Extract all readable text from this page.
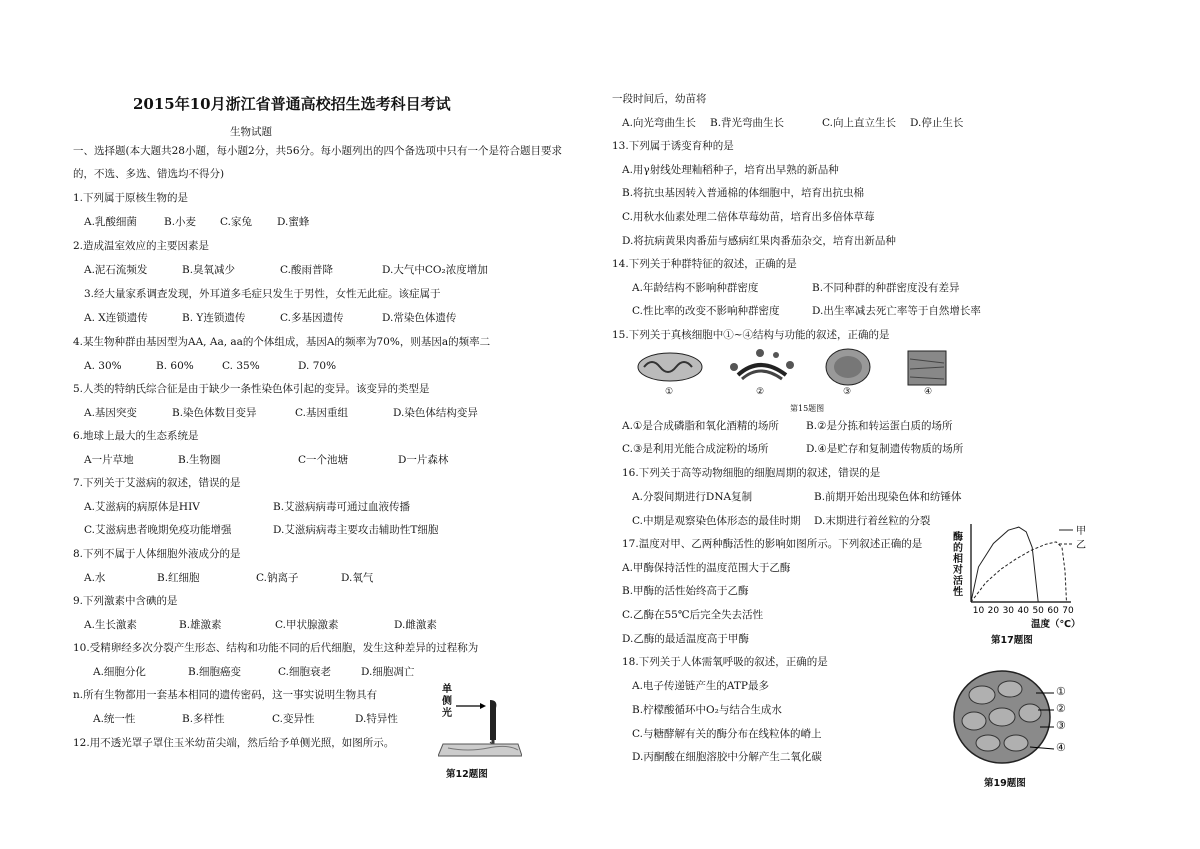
2015年10月浙江省普通高校招生选考科目考试
生物试题
一、选择题(本大题共28小题，每小题2分，共56分。每小题列出的四个备选项中只有一个是符合题目要求
的，不选、多选、错选均不得分)
1.下列属于原核生物的是
A.乳酸细菌	B.小麦 C.家兔 D.蜜蜂
2.造成温室效应的主要因素是
A.泥石流频发	B.臭氧减少	C.酸雨普降	D.大气中CO₂浓度增加
3.经大量家系调查发现，外耳道多毛症只发生于男性，女性无此症。该症属于
A. X连锁遗传	B. Y连锁遗传	C.多基因遗传	D.常染色体遗传
4.某生物种群由基因型为AA, Aa, aa的个体组成，基因A的频率为70%，则基因a的频率二
A. 30%	B. 60%	C. 35%	D. 70%
5.人类的特纳氏综合征是由于缺少一条性染色体引起的变异。该变异的类型是
A.基因突变	B.染色体数目变异	C.基因重组	D.染色体结构变异
6.地球上最大的生态系统是
A一片草地	B.生物圈	C一个池塘	D一片森林
7.下列关于艾滋病的叙述，错误的是
A.艾滋病的病原体是HIV	B.艾滋病病毒可通过血液传播
C.艾滋病患者晚期免疫功能增强	D.艾滋病病毒主要攻击辅助性T细胞
8.下列不属于人体细胞外液成分的是
A.水	B.红细胞	C.钠离子	D.氧气
9.下列激素中含碘的是
A.生长激素	B.雄激素	C.甲状腺激素	D.雌激素
10.受精卵经多次分裂产生形态、结构和功能不同的后代细胞，发生这种差异的过程称为
A.细胞分化	B.细胞癌变	C.细胞衰老	D.细胞凋亡
n.所有生物都用一套基本相同的遗传密码，这一事实说明生物具有
A.统一性	B.多样性	C.变异性	D.特异性
12.用不透光罩子罩住玉米幼苗尖端，然后给予单侧光照，如图所示。
单侧光
第12题图
一段时间后，幼苗将
A.向光弯曲生长 B.背光弯曲生长	C.向上直立生长 D.停止生长
13.下列属于诱变育种的是
A.用γ射线处理籼稻种子，培育出早熟的新品种
B.将抗虫基因转入普通棉的体细胞中，培育出抗虫棉
C.用秋水仙素处理二倍体草莓幼苗，培育出多倍体草莓
D.将抗病黄果肉番茄与感病红果肉番茄杂交，培育出新品种
14.下列关于种群特征的叙述，正确的是
A.年龄结构不影响种群密度	B.不同种群的种群密度没有差异
C.性比率的改变不影响种群密度	D.出生率减去死亡率等于自然增长率
15.下列关于真核细胞中①~④结构与功能的叙述，正确的是
①	②	③	④
第15题图
A.①是合成磷脂和氧化酒精的场所	B.②是分拣和转运蛋白质的场所
C.③是利用光能合成淀粉的场所	D.④是贮存和复制遗传物质的场所
16.下列关于高等动物细胞的细胞周期的叙述，错误的是
A.分裂间期进行DNA复制	B.前期开始出现染色体和纺锤体
C.中期是观察染色体形态的最佳时期 D.末期进行着丝粒的分裂
17.温度对甲、乙两种酶活性的影响如图所示。下列叙述正确的是
A.甲酶保持活性的温度范围大于乙酶
B.甲酶的活性始终高于乙酶
C.乙酶在55℃后完全失去活性
D.乙酶的最适温度高于甲酶
18.下列关于人体需氧呼吸的叙述，正确的是
A.电子传递链产生的ATP最多
B.柠檬酸循环中O₂与结合生成水
C.与糖酵解有关的酶分布在线粒体的嵴上
D.丙酮酸在细胞溶胶中分解产生二氧化碳
酶的相对活性
10 20 30 40 50 60 70
甲
乙
温度（℃）
第17题图
①
②
③
④
第19题图
